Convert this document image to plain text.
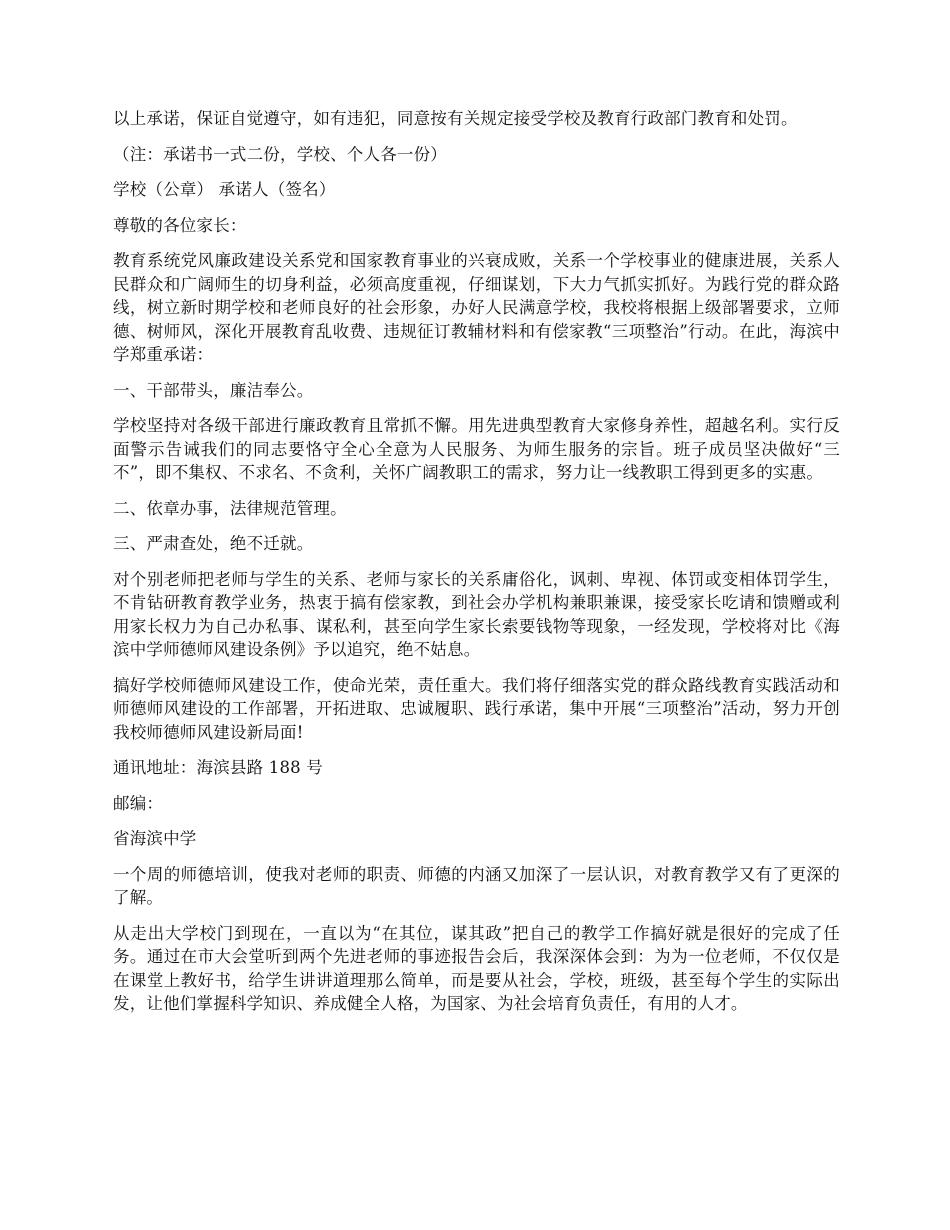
以上承诺，保证自觉遵守，如有违犯，同意按有关规定接受学校及教育行政部门教育和处罚。

（注：承诺书一式二份，学校、个人各一份）

学校（公章） 承诺人（签名）

尊敬的各位家长：

教育系统党风廉政建设关系党和国家教育事业的兴衰成败，关系一个学校事业的健康进展，关系人民群众和广阔师生的切身利益，必须高度重视，仔细谋划，下大力气抓实抓好。为践行党的群众路线，树立新时期学校和老师良好的社会形象，办好人民满意学校，我校将根据上级部署要求，立师德、树师风，深化开展教育乱收费、违规征订教辅材料和有偿家教“三项整治”行动。在此，海滨中学郑重承诺：

一、干部带头，廉洁奉公。

学校坚持对各级干部进行廉政教育且常抓不懈。用先进典型教育大家修身养性，超越名利。实行反面警示告诫我们的同志要恪守全心全意为人民服务、为师生服务的宗旨。班子成员坚决做好“三不”，即不集权、不求名、不贪利，关怀广阔教职工的需求，努力让一线教职工得到更多的实惠。

二、依章办事，法律规范管理。

三、严肃查处，绝不迁就。

对个别老师把老师与学生的关系、老师与家长的关系庸俗化，讽刺、卑视、体罚或变相体罚学生，不肯钻研教育教学业务，热衷于搞有偿家教，到社会办学机构兼职兼课，接受家长吃请和馈赠或利用家长权力为自己办私事、谋私利，甚至向学生家长索要钱物等现象，一经发现，学校将对比《海滨中学师德师风建设条例》予以追究，绝不姑息。

搞好学校师德师风建设工作，使命光荣，责任重大。我们将仔细落实党的群众路线教育实践活动和师德师风建设的工作部署，开拓进取、忠诚履职、践行承诺，集中开展“三项整治”活动，努力开创我校师德师风建设新局面!

通讯地址：海滨县路 188 号

邮编：

省海滨中学

一个周的师德培训，使我对老师的职责、师德的内涵又加深了一层认识，对教育教学又有了更深的了解。

从走出大学校门到现在，一直以为“在其位，谋其政”把自己的教学工作搞好就是很好的完成了任务。通过在市大会堂听到两个先进老师的事迹报告会后，我深深体会到：为为一位老师，不仅仅是在课堂上教好书，给学生讲讲道理那么简单，而是要从社会，学校，班级，甚至每个学生的实际出发，让他们掌握科学知识、养成健全人格，为国家、为社会培育负责任，有用的人才。
